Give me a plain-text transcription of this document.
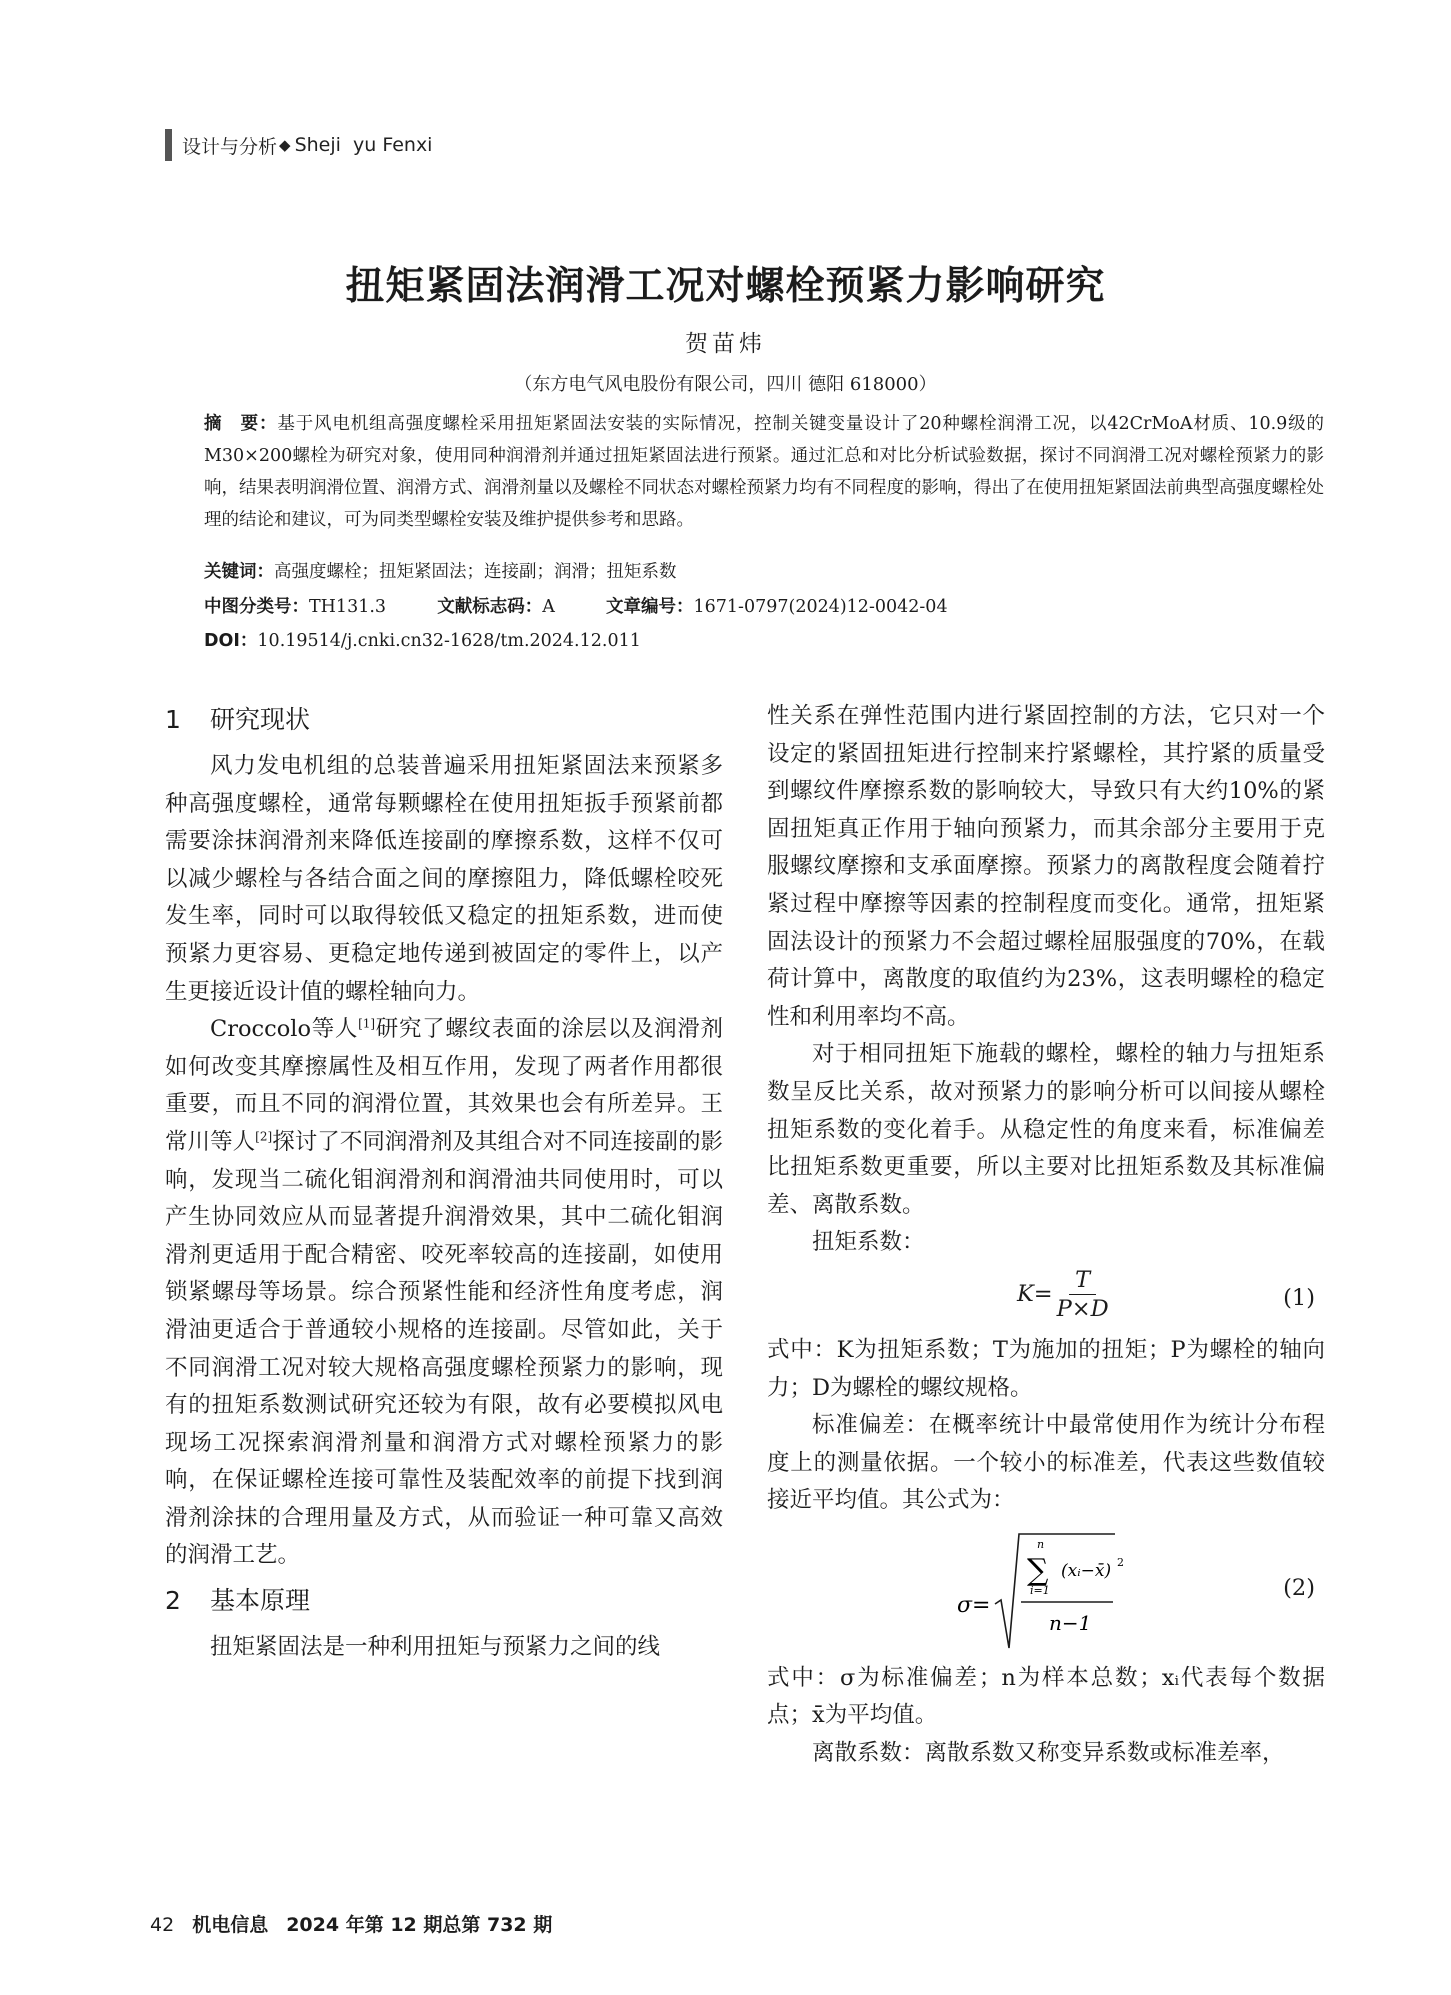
设计与分析 ◆ Sheji  yu Fenxi
扭矩紧固法润滑工况对螺栓预紧力影响研究
贺苗炜
（东方电气风电股份有限公司，四川 德阳 618000）
摘　要：基于风电机组高强度螺栓采用扭矩紧固法安装的实际情况，控制关键变量设计了20种螺栓润滑工况，以42CrMoA材质、10.9级的M30×200螺栓为研究对象，使用同种润滑剂并通过扭矩紧固法进行预紧。通过汇总和对比分析试验数据，探讨不同润滑工况对螺栓预紧力的影响，结果表明润滑位置、润滑方式、润滑剂量以及螺栓不同状态对螺栓预紧力均有不同程度的影响，得出了在使用扭矩紧固法前典型高强度螺栓处理的结论和建议，可为同类型螺栓安装及维护提供参考和思路。
关键词：高强度螺栓；扭矩紧固法；连接副；润滑；扭矩系数
中图分类号：TH131.3	文献标志码：A	文章编号：1671-0797(2024)12-0042-04
DOI：10.19514/j.cnki.cn32-1628/tm.2024.12.011
1 研究现状

风力发电机组的总装普遍采用扭矩紧固法来预紧多种高强度螺栓，通常每颗螺栓在使用扭矩扳手预紧前都需要涂抹润滑剂来降低连接副的摩擦系数，这样不仅可以减少螺栓与各结合面之间的摩擦阻力，降低螺栓咬死发生率，同时可以取得较低又稳定的扭矩系数，进而使预紧力更容易、更稳定地传递到被固定的零件上，以产生更接近设计值的螺栓轴向力。

Croccolo等人[1]研究了螺纹表面的涂层以及润滑剂如何改变其摩擦属性及相互作用，发现了两者作用都很重要，而且不同的润滑位置，其效果也会有所差异。王常川等人[2]探讨了不同润滑剂及其组合对不同连接副的影响，发现当二硫化钼润滑剂和润滑油共同使用时，可以产生协同效应从而显著提升润滑效果，其中二硫化钼润滑剂更适用于配合精密、咬死率较高的连接副，如使用锁紧螺母等场景。综合预紧性能和经济性角度考虑，润滑油更适合于普通较小规格的连接副。尽管如此，关于不同润滑工况对较大规格高强度螺栓预紧力的影响，现有的扭矩系数测试研究还较为有限，故有必要模拟风电现场工况探索润滑剂量和润滑方式对螺栓预紧力的影响，在保证螺栓连接可靠性及装配效率的前提下找到润滑剂涂抹的合理用量及方式，从而验证一种可靠又高效的润滑工艺。

2 基本原理

扭矩紧固法是一种利用扭矩与预紧力之间的线

性关系在弹性范围内进行紧固控制的方法，它只对一个设定的紧固扭矩进行控制来拧紧螺栓，其拧紧的质量受到螺纹件摩擦系数的影响较大，导致只有大约10%的紧固扭矩真正作用于轴向预紧力，而其余部分主要用于克服螺纹摩擦和支承面摩擦。预紧力的离散程度会随着拧紧过程中摩擦等因素的控制程度而变化。通常，扭矩紧固法设计的预紧力不会超过螺栓屈服强度的70%，在载荷计算中，离散度的取值约为23%，这表明螺栓的稳定性和利用率均不高。

对于相同扭矩下施载的螺栓，螺栓的轴力与扭矩系数呈反比关系，故对预紧力的影响分析可以间接从螺栓扭矩系数的变化着手。从稳定性的角度来看，标准偏差比扭矩系数更重要，所以主要对比扭矩系数及其标准偏差、离散系数。

扭矩系数：

$K= \frac{T}{P\times D}$	(1)

式中：K为扭矩系数；T为施加的扭矩；P为螺栓的轴向力；D为螺栓的螺纹规格。

标准偏差：在概率统计中最常使用作为统计分布程度上的测量依据。一个较小的标准差，代表这些数值较接近平均值。其公式为：

σ=
n
∑
i=1
(xᵢ−x̄) 2
n−1
(2)

式中：σ为标准偏差；n为样本总数；xᵢ代表每个数据点；x̄为平均值。

离散系数：离散系数又称变异系数或标准差率，

42 机电信息 2024 年第 12 期总第 732 期
